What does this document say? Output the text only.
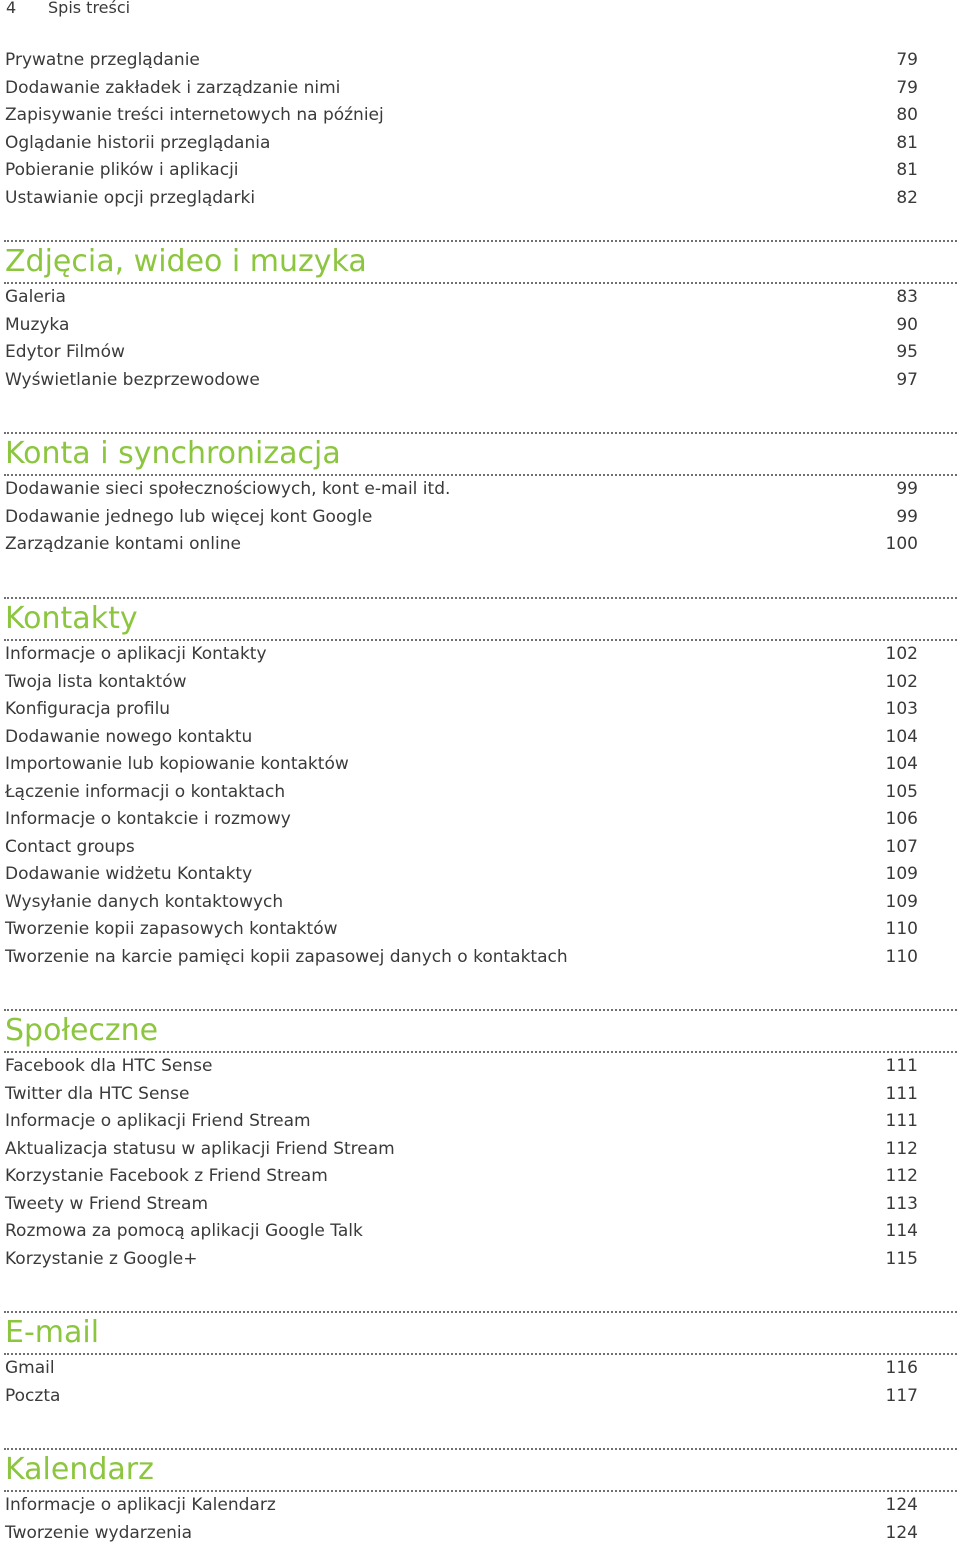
4 Spis treści
Prywatne przeglądanie	79
Dodawanie zakładek i zarządzanie nimi	79
Zapisywanie treści internetowych na później	80
Oglądanie historii przeglądania	81
Pobieranie plików i aplikacji	81
Ustawianie opcji przeglądarki	82
Zdjęcia, wideo i muzyka
Galeria	83
Muzyka	90
Edytor Filmów	95
Wyświetlanie bezprzewodowe	97
Konta i synchronizacja
Dodawanie sieci społecznościowych, kont e-mail itd.	99
Dodawanie jednego lub więcej kont Google	99
Zarządzanie kontami online	100
Kontakty
Informacje o aplikacji Kontakty	102
Twoja lista kontaktów	102
Konfiguracja profilu	103
Dodawanie nowego kontaktu	104
Importowanie lub kopiowanie kontaktów	104
Łączenie informacji o kontaktach	105
Informacje o kontakcie i rozmowy	106
Contact groups	107
Dodawanie widżetu Kontakty	109
Wysyłanie danych kontaktowych	109
Tworzenie kopii zapasowych kontaktów	110
Tworzenie na karcie pamięci kopii zapasowej danych o kontaktach	110
Społeczne
Facebook dla HTC Sense	111
Twitter dla HTC Sense	111
Informacje o aplikacji Friend Stream	111
Aktualizacja statusu w aplikacji Friend Stream	112
Korzystanie Facebook z Friend Stream	112
Tweety w Friend Stream	113
Rozmowa za pomocą aplikacji Google Talk	114
Korzystanie z Google+	115
E-mail
Gmail	116
Poczta	117
Kalendarz
Informacje o aplikacji Kalendarz	124
Tworzenie wydarzenia	124
